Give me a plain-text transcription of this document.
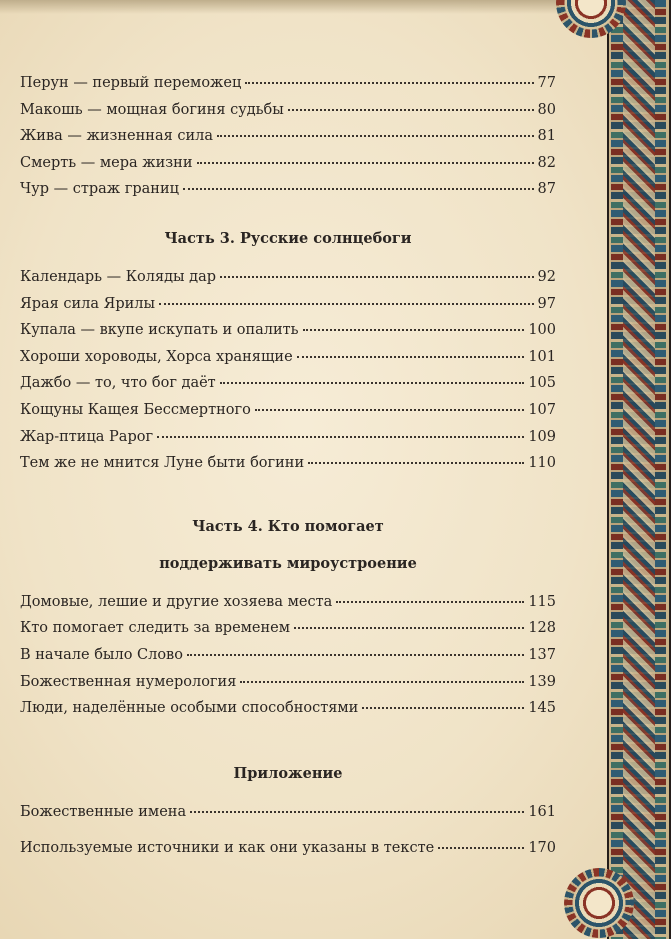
Перун — первый переможец	77
Макошь — мощная богиня судьбы	80
Жива — жизненная сила	81
Смерть — мера жизни	82
Чур — страж границ	87
Часть 3. Русские солнцебоги
Календарь — Коляды дар	92
Ярая сила Ярилы	97
Купала — вкупе искупать и опалить	100
Хороши хороводы, Хорса хранящие	101
Дажбо — то, что бог даёт	105
Кощуны Кащея Бессмертного	107
Жар-птица Рарог	109
Тем же не мнится Луне быти богини	110
Часть 4. Кто помогает
поддерживать мироустроение
Домовые, лешие и другие хозяева места	115
Кто помогает следить за временем	128
В начале было Слово	137
Божественная нумерология	139
Люди, наделённые особыми способностями	145
Приложение
Божественные имена	161
Используемые источники и как они указаны в тексте	170
